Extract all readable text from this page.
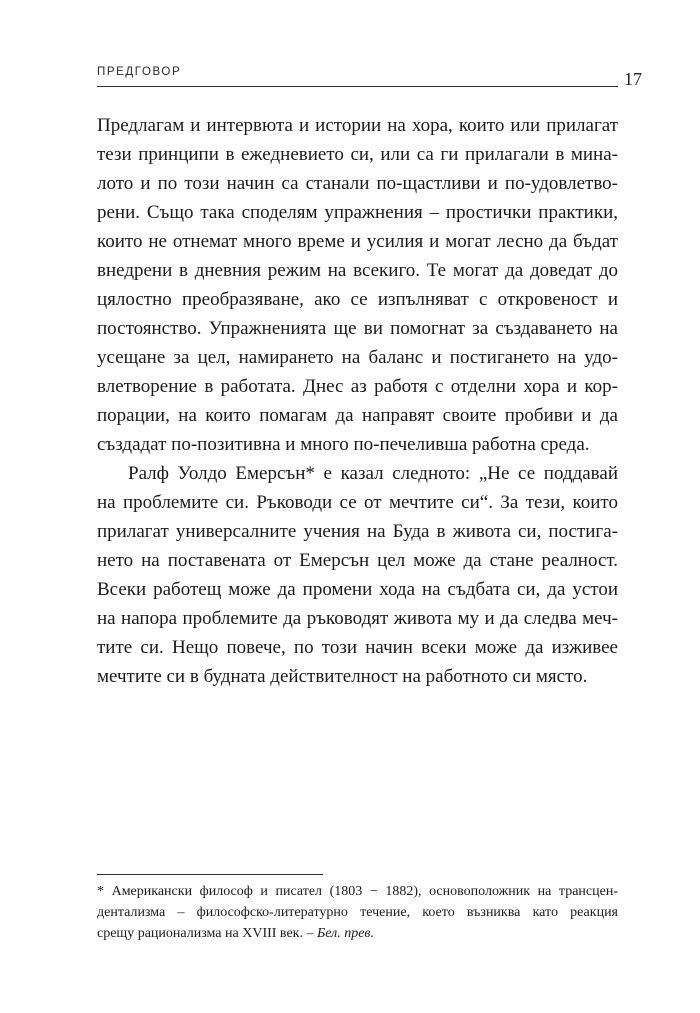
ПРЕДГОВОР	17
Предлагам и интервюта и истории на хора, които или прилагат
тези принципи в ежедневието си, или са ги прилагали в мина-
лото и по този начин са станали по-щастливи и по-удовлетво-
рени. Също така споделям упражнения – простички практики,
които не отнемат много време и усилия и могат лесно да бъдат
внедрени в дневния режим на всекиго. Те могат да доведат до
цялостно преобразяване, ако се изпълняват с откровеност и
постоянство. Упражненията ще ви помогнат за създаването на
усещане за цел, намирането на баланс и постигането на удо-
влетворение в работата. Днес аз работя с отделни хора и кор-
порации, на които помагам да направят своите пробиви и да
създадат по-позитивна и много по-печеливша работна среда.
Ралф Уолдо Емерсън* е казал следното: „Не се поддавай
на проблемите си. Ръководи се от мечтите си“. За тези, които
прилагат универсалните учения на Буда в живота си, постига-
нето на поставената от Емерсън цел може да стане реалност.
Всеки работещ може да промени хода на съдбата си, да устои
на напора проблемите да ръководят живота му и да следва меч-
тите си. Нещо повече, по този начин всеки може да изживее
мечтите си в будната действителност на работното си място.
* Американски философ и писател (1803 − 1882), основоположник на трансцен-
дентализма – философско-литературно течение, което възниква като реакция
срещу рационализма на XVIII век. – Бел. прев.
